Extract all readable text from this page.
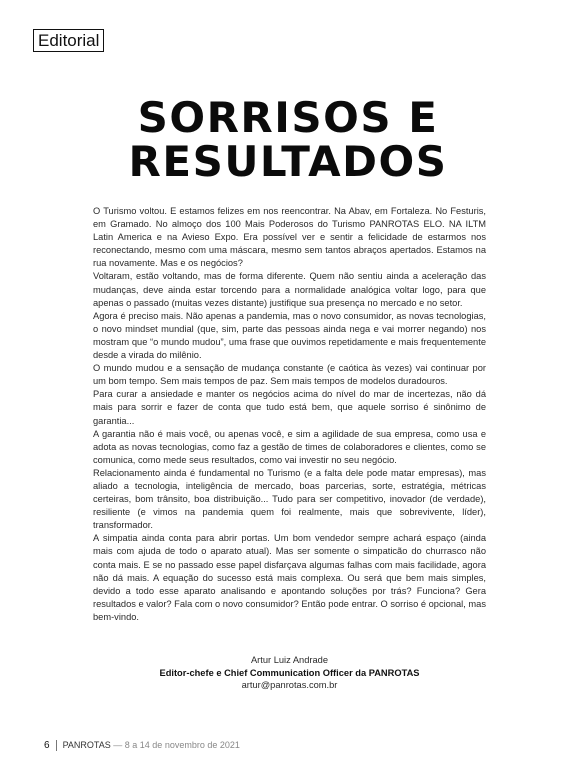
Editorial
SORRISOS E
RESULTADOS

O Turismo voltou. E estamos felizes em nos reencontrar. Na Abav, em Fortaleza. No Festuris, em Gramado. No almoço dos 100 Mais Poderosos do Turismo PANROTAS ELO. NA ILTM Latin America e na Avieso Expo. Era possível ver e sentir a felicidade de estarmos nos reconectando, mesmo com uma máscara, mesmo sem tantos abraços apertados. Estamos na rua novamente. Mas e os negócios?

Voltaram, estão voltando, mas de forma diferente. Quem não sentiu ainda a aceleração das mudanças, deve ainda estar torcendo para a normalidade analógica voltar logo, para que apenas o passado (muitas vezes distante) justifique sua presença no mercado e no setor.

Agora é preciso mais. Não apenas a pandemia, mas o novo consumidor, as novas tecnologias, o novo mindset mundial (que, sim, parte das pessoas ainda nega e vai morrer negando) nos mostram que “o mundo mudou”, uma frase que ouvimos repetidamente e mais frequentemente desde a virada do milênio.

O mundo mudou e a sensação de mudança constante (e caótica às vezes) vai continuar por um bom tempo. Sem mais tempos de paz. Sem mais tempos de modelos duradouros.

Para curar a ansiedade e manter os negócios acima do nível do mar de incertezas, não dá mais para sorrir e fazer de conta que tudo está bem, que aquele sorriso é sinônimo de garantia...

A garantia não é mais você, ou apenas você, e sim a agilidade de sua empresa, como usa e adota as novas tecnologias, como faz a gestão de times de colaboradores e clientes, como se comunica, como mede seus resultados, como vai investir no seu negócio.

Relacionamento ainda é fundamental no Turismo (e a falta dele pode matar empresas), mas aliado a tecnologia, inteligência de mercado, boas parcerias, sorte, estratégia, métricas certeiras, bom trânsito, boa distribuição... Tudo para ser competitivo, inovador (de verdade), resiliente (e vimos na pandemia quem foi realmente, mais que sobrevivente, líder), transformador.

A simpatia ainda conta para abrir portas. Um bom vendedor sempre achará espaço (ainda mais com ajuda de todo o aparato atual). Mas ser somente o simpaticão do churrasco não conta mais. E se no passado esse papel disfarçava algumas falhas com mais facilidade, agora não dá mais. A equação do sucesso está mais complexa. Ou será que bem mais simples, devido a todo esse aparato analisando e apontando soluções por trás? Funciona? Gera resultados e valor? Fala com o novo consumidor? Então pode entrar. O sorriso é opcional, mas bem-vindo.

Artur Luiz Andrade
Editor-chefe e Chief Communication Officer da PANROTAS
artur@panrotas.com.br
6 PANROTAS — 8 a 14 de novembro de 2021
